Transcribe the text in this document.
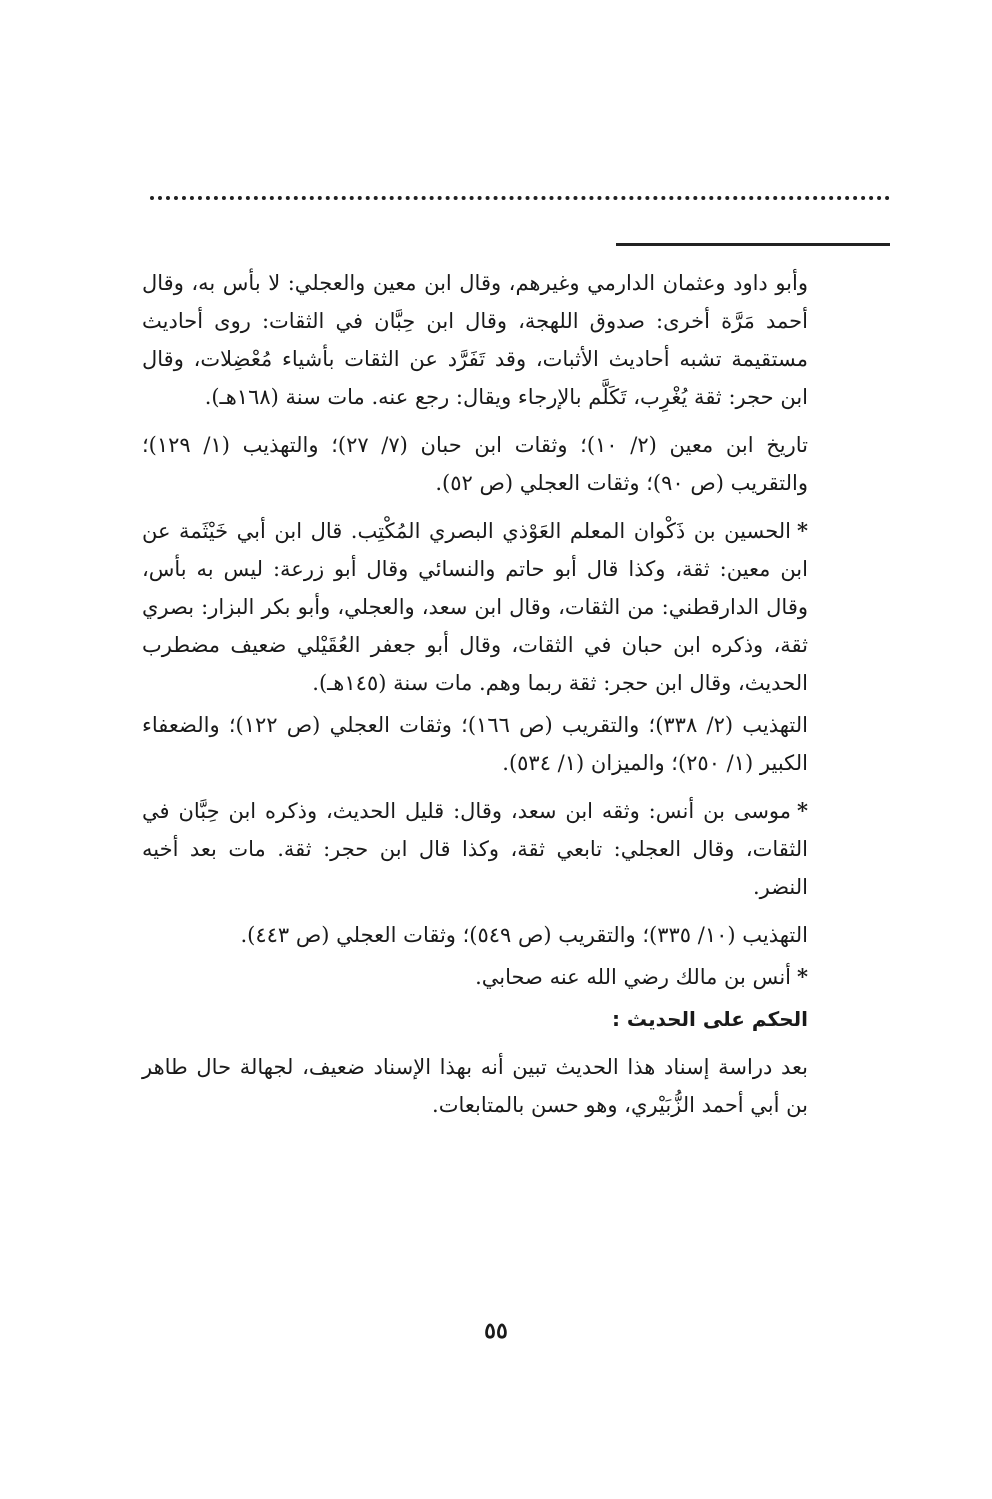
وأبو داود وعثمان الدارمي وغيرهم، وقال ابن معين والعجلي: لا بأس به، وقال أحمد مَرَّة أخرى: صدوق اللهجة، وقال ابن حِبَّان في الثقات: روى أحاديث مستقيمة تشبه أحاديث الأثبات، وقد تَفَرَّد عن الثقات بأشياء مُعْضِلات، وقال ابن حجر: ثقة يُغْرِب، تَكَلَّم بالإرجاء ويقال: رجع عنه. مات سنة (١٦٨هـ).

تاريخ ابن معين (٢/ ١٠)؛ وثقات ابن حبان (٧/ ٢٧)؛ والتهذيب (١/ ١٢٩)؛ والتقريب (ص ٩٠)؛ وثقات العجلي (ص ٥٢).

*الحسين بن ذَكْوان المعلم العَوْذي البصري المُكْتِب. قال ابن أبي خَيْثَمة عن ابن معين: ثقة، وكذا قال أبو حاتم والنسائي وقال أبو زرعة: ليس به بأس، وقال الدارقطني: من الثقات، وقال ابن سعد، والعجلي، وأبو بكر البزار: بصري ثقة، وذكره ابن حبان في الثقات، وقال أبو جعفر العُقَيْلي ضعيف مضطرب الحديث، وقال ابن حجر: ثقة ربما وهم. مات سنة (١٤٥هـ).

التهذيب (٢/ ٣٣٨)؛ والتقريب (ص ١٦٦)؛ وثقات العجلي (ص ١٢٢)؛ والضعفاء الكبير (١/ ٢٥٠)؛ والميزان (١/ ٥٣٤).

*موسى بن أنس: وثقه ابن سعد، وقال: قليل الحديث، وذكره ابن حِبَّان في الثقات، وقال العجلي: تابعي ثقة، وكذا قال ابن حجر: ثقة. مات بعد أخيه النضر.

التهذيب (١٠/ ٣٣٥)؛ والتقريب (ص ٥٤٩)؛ وثقات العجلي (ص ٤٤٣).

*أنس بن مالك رضي الله عنه صحابي.

الحكم على الحديث :

بعد دراسة إسناد هذا الحديث تبين أنه بهذا الإسناد ضعيف، لجهالة حال طاهر بن أبي أحمد الزُّبَيْري، وهو حسن بالمتابعات.

٥٥
